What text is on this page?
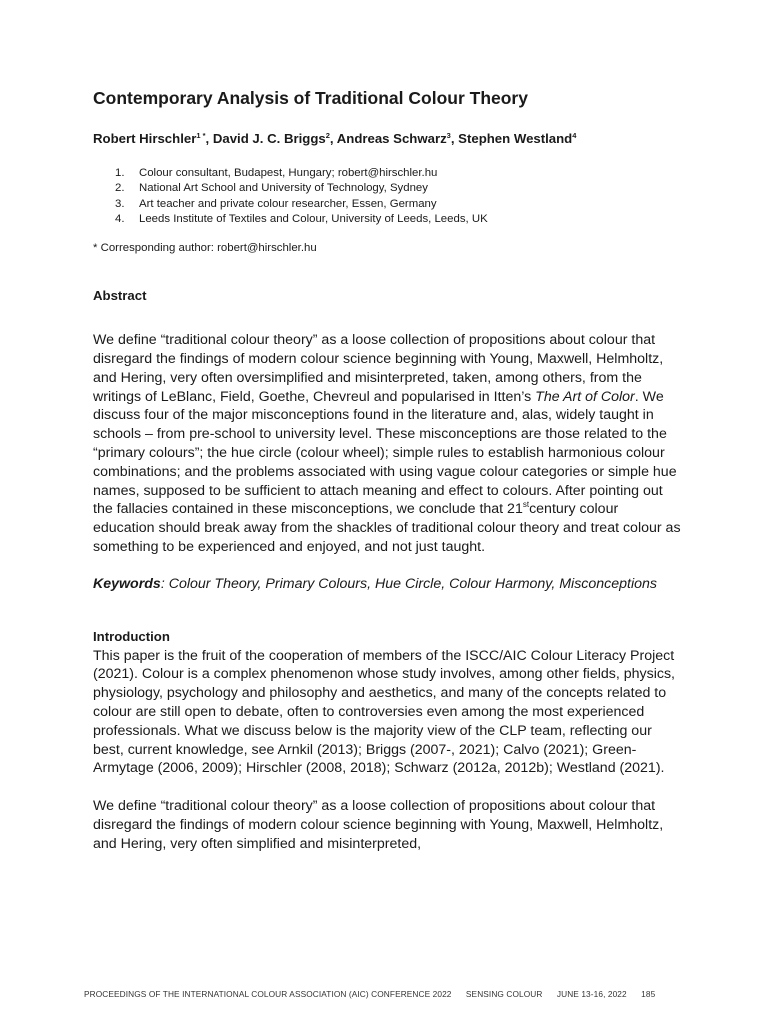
Contemporary Analysis of Traditional Colour Theory
Robert Hirschler$^{1 *}$, David J. C. Briggs$^2$, Andreas Schwarz$^3$, Stephen Westland$^4$
1. Colour consultant, Budapest, Hungary; robert@hirschler.hu
2. National Art School and University of Technology, Sydney
3. Art teacher and private colour researcher, Essen, Germany
4. Leeds Institute of Textiles and Colour, University of Leeds, Leeds, UK
* Corresponding author: robert@hirschler.hu
Abstract

We define “traditional colour theory” as a loose collection of propositions about colour that disregard the findings of modern colour science beginning with Young, Maxwell, Helmholtz, and Hering, very often oversimplified and misinterpreted, taken, among others, from the writings of LeBlanc, Field, Goethe, Chevreul and popularised in Itten’s The Art of Color. We discuss four of the major misconceptions found in the literature and, alas, widely taught in schools – from pre-school to university level. These misconceptions are those related to the “primary colours”; the hue circle (colour wheel); simple rules to establish harmonious colour combinations; and the problems associated with using vague colour categories or simple hue names, supposed to be sufficient to attach meaning and effect to colours. After pointing out the fallacies contained in these misconceptions, we conclude that 21stcentury colour education should break away from the shackles of traditional colour theory and treat colour as something to be experienced and enjoyed, and not just taught.

Keywords: Colour Theory, Primary Colours, Hue Circle, Colour Harmony, Misconceptions
Introduction

This paper is the fruit of the cooperation of members of the ISCC/AIC Colour Literacy Project (2021). Colour is a complex phenomenon whose study involves, among other fields, physics, physiology, psychology and philosophy and aesthetics, and many of the concepts related to colour are still open to debate, often to controversies even among the most experienced professionals. What we discuss below is the majority view of the CLP team, reflecting our best, current knowledge, see Arnkil (2013); Briggs (2007-, 2021); Calvo (2021); Green-Armytage (2006, 2009); Hirschler (2008, 2018); Schwarz (2012a, 2012b); Westland (2021).

We define “traditional colour theory” as a loose collection of propositions about colour that disregard the findings of modern colour science beginning with Young, Maxwell, Helmholtz, and Hering, very often simplified and misinterpreted,

PROCEEDINGS OF THE INTERNATIONAL COLOUR ASSOCIATION (AIC) CONFERENCE 2022 SENSING COLOUR JUNE 13-16, 2022 185
